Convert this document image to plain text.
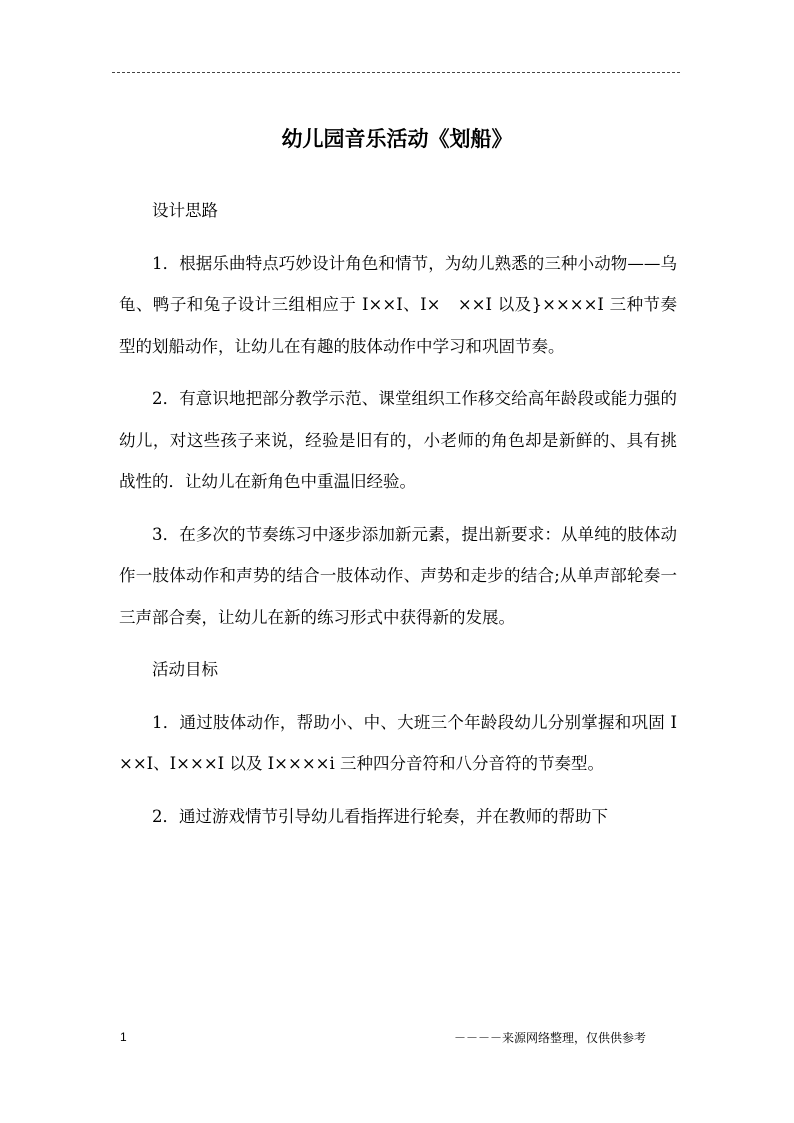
幼儿园音乐活动《划船》

设计思路

1．根据乐曲特点巧妙设计角色和情节，为幼儿熟悉的三种小动物——乌龟、鸭子和兔子设计三组相应于 I××I、I×　××I 以及}××××I 三种节奏型的划船动作，让幼儿在有趣的肢体动作中学习和巩固节奏。

2．有意识地把部分教学示范、课堂组织工作移交给高年龄段或能力强的幼儿，对这些孩子来说，经验是旧有的，小老师的角色却是新鲜的、具有挑战性的．让幼儿在新角色中重温旧经验。

3．在多次的节奏练习中逐步添加新元素，提出新要求：从单纯的肢体动作一肢体动作和声势的结合一肢体动作、声势和走步的结合;从单声部轮奏一三声部合奏，让幼儿在新的练习形式中获得新的发展。

活动目标

1．通过肢体动作，帮助小、中、大班三个年龄段幼儿分别掌握和巩固 I××I、I×××I 以及 I××××i 三种四分音符和八分音符的节奏型。

2．通过游戏情节引导幼儿看指挥进行轮奏，并在教师的帮助下

1	－－－－来源网络整理，仅供供参考
